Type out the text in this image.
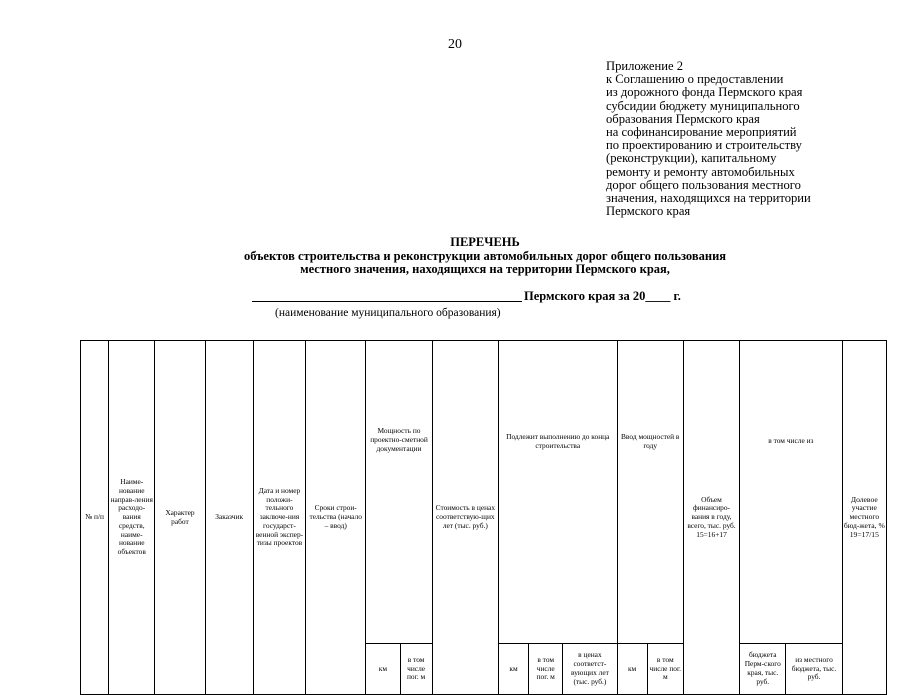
20
Приложение 2
к Соглашению о предоставлении
из дорожного фонда Пермского края
субсидии бюджету муниципального
образования Пермского края
на софинансирование мероприятий
по проектированию и строительству
(реконструкции), капитальному
ремонту и ремонту автомобильных
дорог общего пользования местного
значения, находящихся на территории
Пермского края
ПЕРЕЧЕНЬ
объектов строительства и реконструкции автомобильных дорог общего пользования
местного значения, находящихся на территории Пермского края,
Пермского края за 20____ г.
(наименование муниципального образования)
№ п/п	Наиме-нование направ-ления расходо-вания средств, наиме-нование объектов	Характер работ	Заказчик	Дата и номер положи-тельного заключе-ния государст-венной экспер-тизы проектов	Сроки строи-тельства (начало – ввод)	Мощность по проектно-сметной документации		Стоимость в ценах соответствую-щих лет (тыс. руб.)	Подлежит выполнению до конца строительства			Ввод мощностей в году		Объем финансиро-вания в году, всего, тыс. руб. 15=16+17	в том числе из		Долевое участие местного бюд-жета, % 19=17/15
						км	в том числе пог. м		км	в том числе пог. м	в ценах соответст-вующих лет (тыс. руб.)	км	в том числе пог. м		бюджета Перм-ского края, тыс. руб.	из местного бюджета, тыс. руб.	
